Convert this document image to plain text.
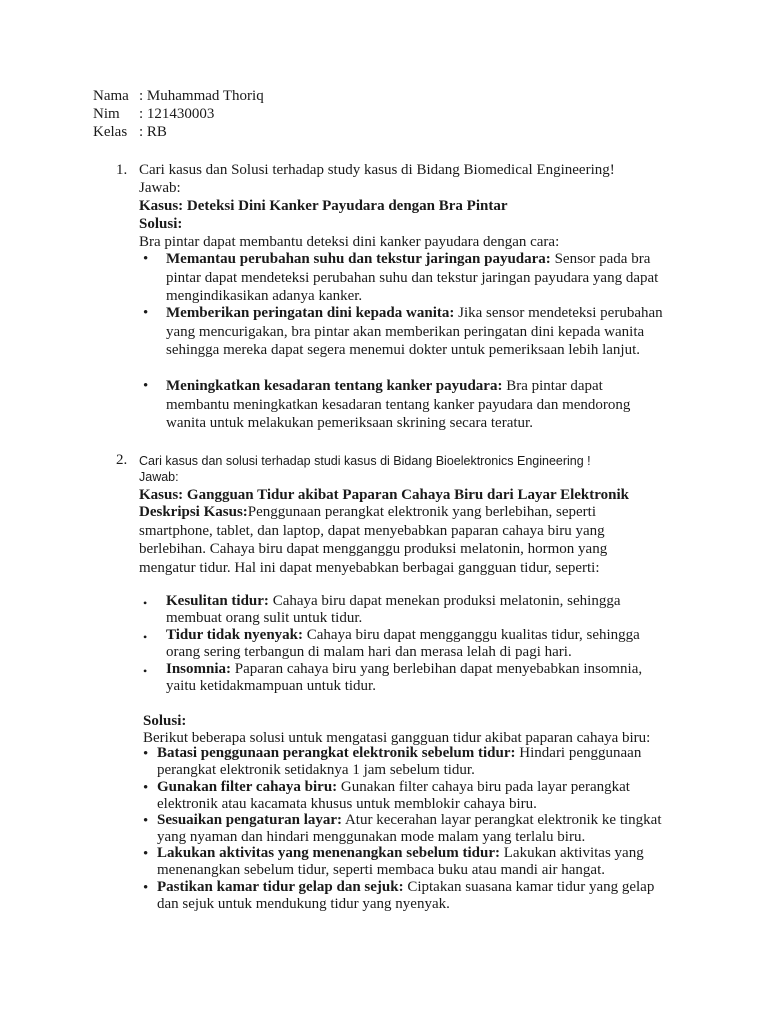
Nama : Muhammad Thoriq
Nim : 121430003
Kelas : RB
1. Cari kasus dan Solusi terhadap study kasus di Bidang Biomedical Engineering!
Jawab:
Kasus: Deteksi Dini Kanker Payudara dengan Bra Pintar
Solusi:
Bra pintar dapat membantu deteksi dini kanker payudara dengan cara:
• Memantau perubahan suhu dan tekstur jaringan payudara: Sensor pada bra pintar dapat mendeteksi perubahan suhu dan tekstur jaringan payudara yang dapat mengindikasikan adanya kanker.
• Memberikan peringatan dini kepada wanita: Jika sensor mendeteksi perubahan yang mencurigakan, bra pintar akan memberikan peringatan dini kepada wanita sehingga mereka dapat segera menemui dokter untuk pemeriksaan lebih lanjut.
• Meningkatkan kesadaran tentang kanker payudara: Bra pintar dapat membantu meningkatkan kesadaran tentang kanker payudara dan mendorong wanita untuk melakukan pemeriksaan skrining secara teratur.
2. Cari kasus dan solusi terhadap studi kasus di Bidang Bioelektronics Engineering !
Jawab:
Kasus: Gangguan Tidur akibat Paparan Cahaya Biru dari Layar Elektronik
Deskripsi Kasus:Penggunaan perangkat elektronik yang berlebihan, seperti smartphone, tablet, dan laptop, dapat menyebabkan paparan cahaya biru yang berlebihan. Cahaya biru dapat mengganggu produksi melatonin, hormon yang mengatur tidur. Hal ini dapat menyebabkan berbagai gangguan tidur, seperti:
• Kesulitan tidur: Cahaya biru dapat menekan produksi melatonin, sehingga membuat orang sulit untuk tidur.
• Tidur tidak nyenyak: Cahaya biru dapat mengganggu kualitas tidur, sehingga orang sering terbangun di malam hari dan merasa lelah di pagi hari.
• Insomnia: Paparan cahaya biru yang berlebihan dapat menyebabkan insomnia, yaitu ketidakmampuan untuk tidur.
Solusi:
Berikut beberapa solusi untuk mengatasi gangguan tidur akibat paparan cahaya biru:
• Batasi penggunaan perangkat elektronik sebelum tidur: Hindari penggunaan perangkat elektronik setidaknya 1 jam sebelum tidur.
• Gunakan filter cahaya biru: Gunakan filter cahaya biru pada layar perangkat elektronik atau kacamata khusus untuk memblokir cahaya biru.
• Sesuaikan pengaturan layar: Atur kecerahan layar perangkat elektronik ke tingkat yang nyaman dan hindari menggunakan mode malam yang terlalu biru.
• Lakukan aktivitas yang menenangkan sebelum tidur: Lakukan aktivitas yang menenangkan sebelum tidur, seperti membaca buku atau mandi air hangat.
• Pastikan kamar tidur gelap dan sejuk: Ciptakan suasana kamar tidur yang gelap dan sejuk untuk mendukung tidur yang nyenyak.
